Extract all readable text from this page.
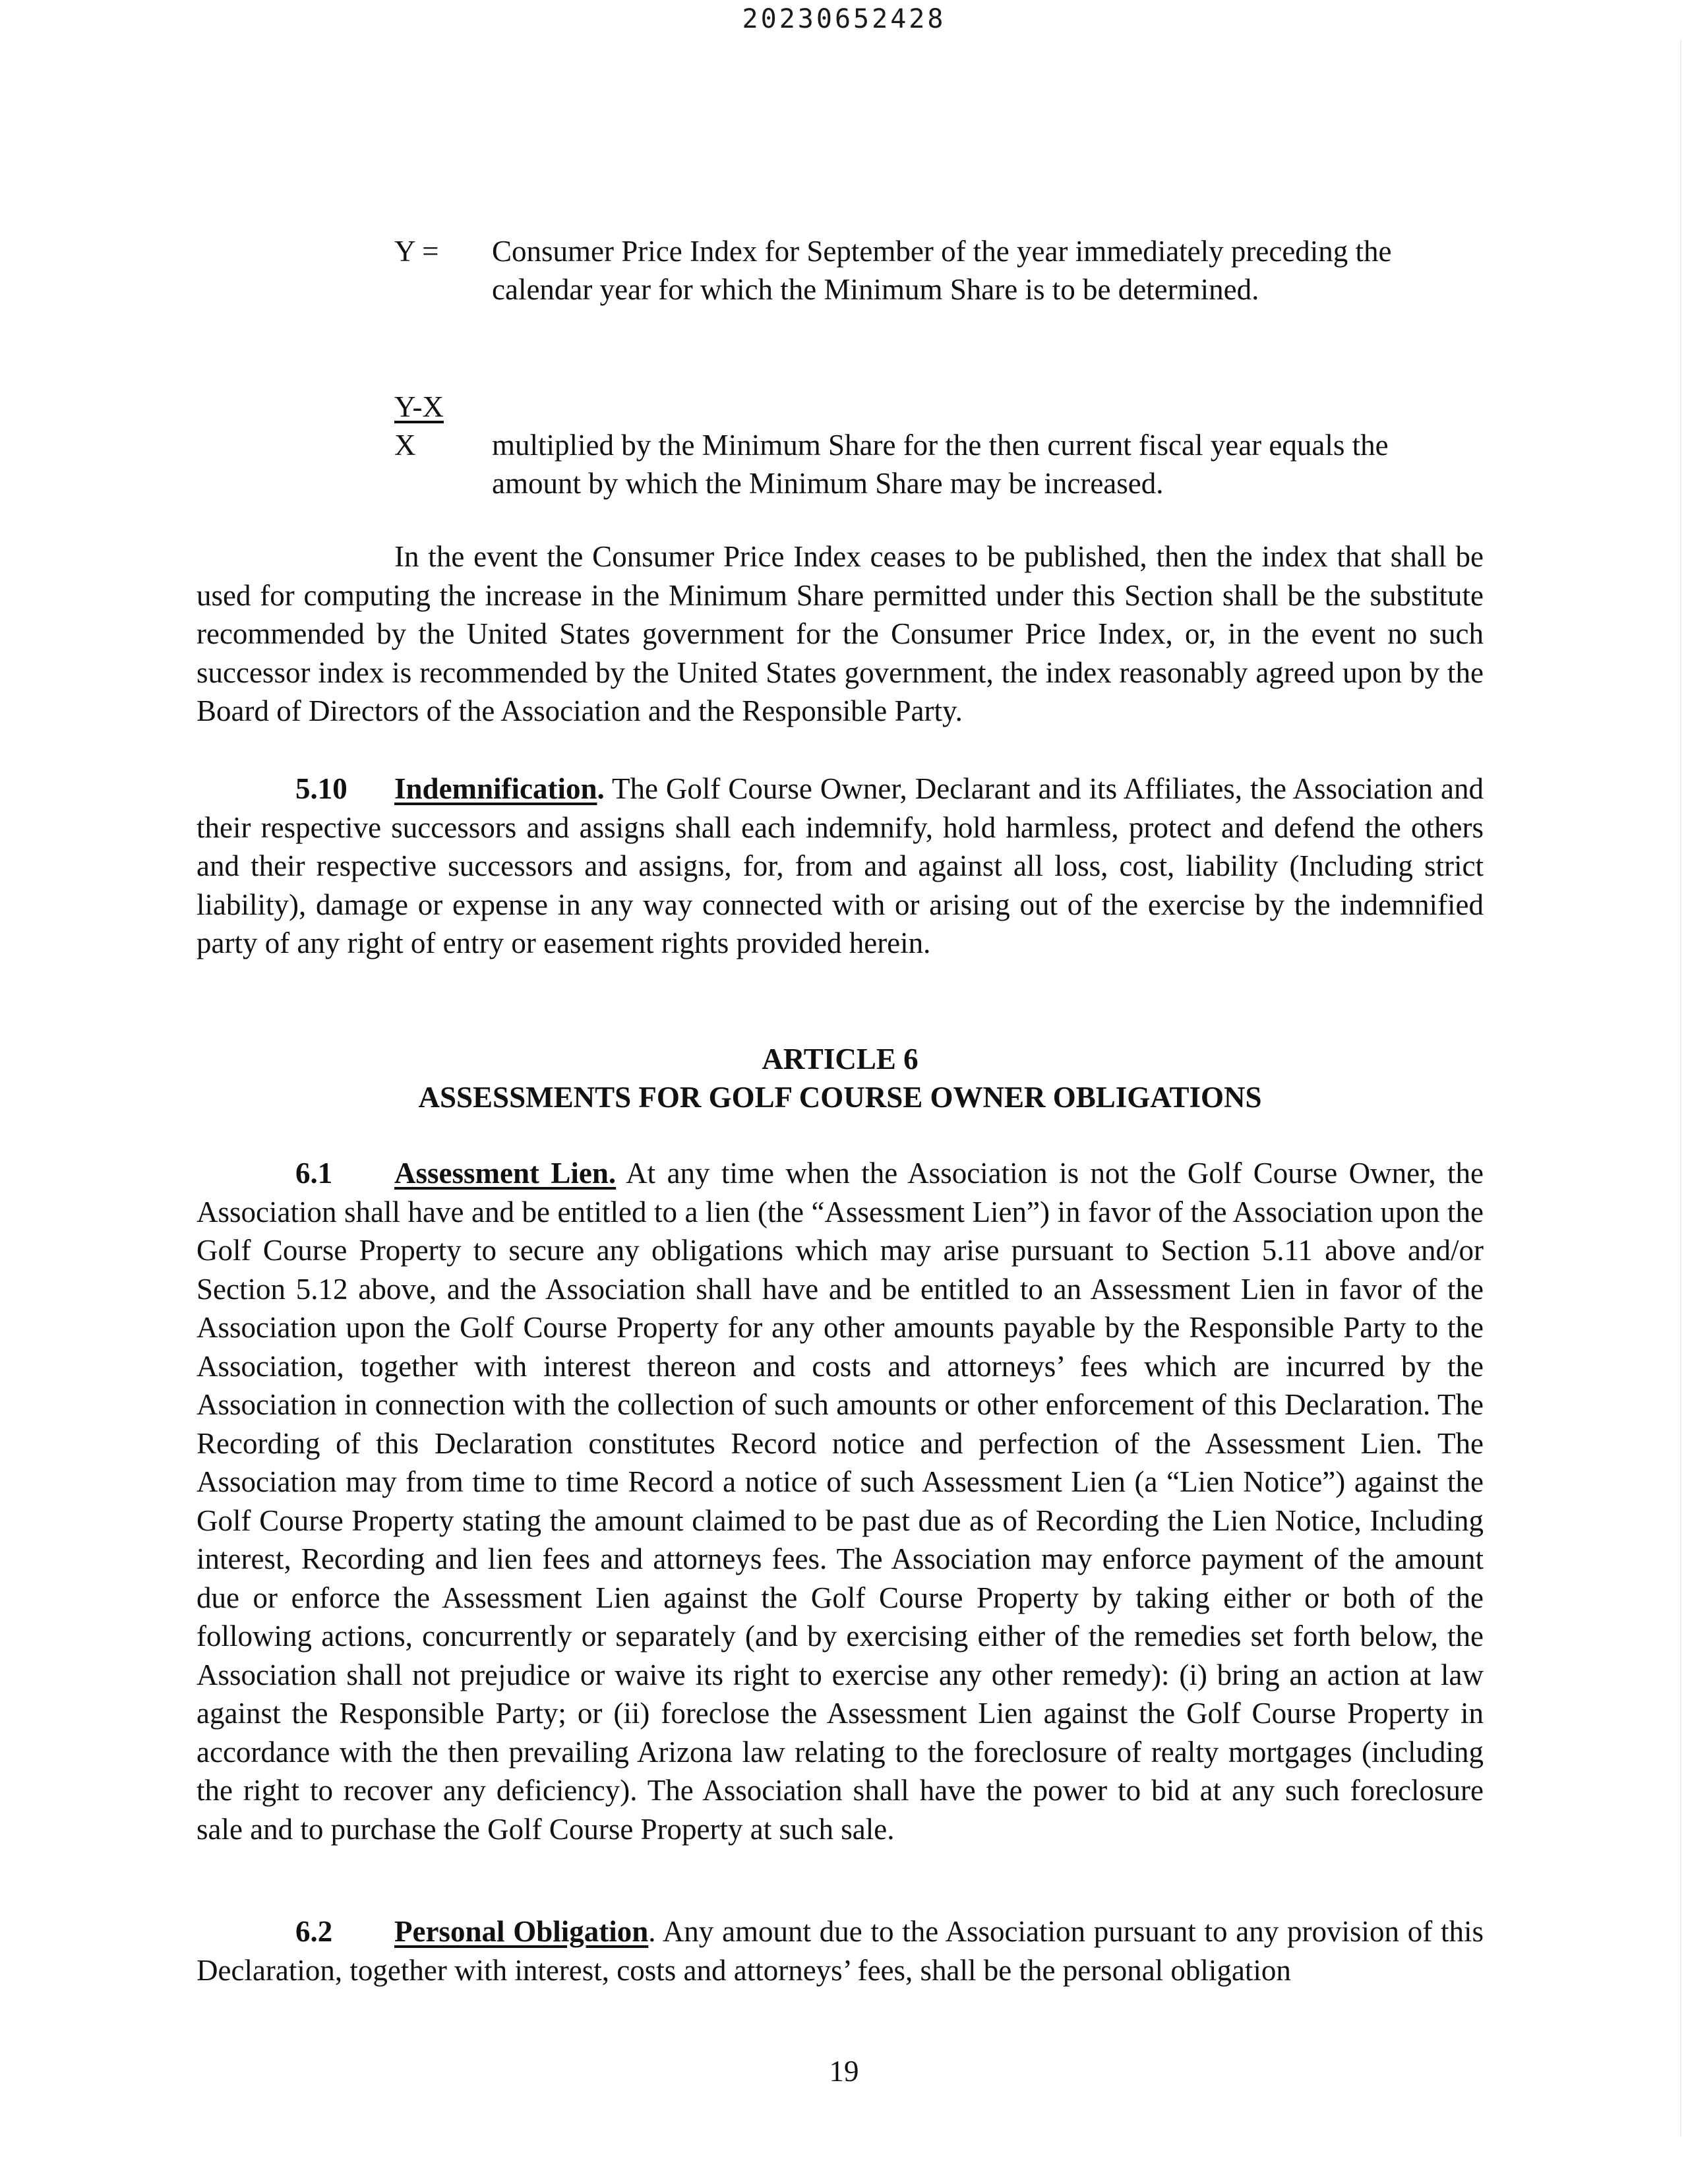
20230652428
Y = Consumer Price Index for September of the year immediately preceding the calendar year for which the Minimum Share is to be determined.
Y-X
X	multiplied by the Minimum Share for the then current fiscal year equals the amount by which the Minimum Share may be increased.
In the event the Consumer Price Index ceases to be published, then the index that shall be used for computing the increase in the Minimum Share permitted under this Section shall be the substitute recommended by the United States government for the Consumer Price Index, or, in the event no such successor index is recommended by the United States government, the index reasonably agreed upon by the Board of Directors of the Association and the Responsible Party.
5.10 Indemnification. The Golf Course Owner, Declarant and its Affiliates, the Association and their respective successors and assigns shall each indemnify, hold harmless, protect and defend the others and their respective successors and assigns, for, from and against all loss, cost, liability (Including strict liability), damage or expense in any way connected with or arising out of the exercise by the indemnified party of any right of entry or easement rights provided herein.
ARTICLE 6
ASSESSMENTS FOR GOLF COURSE OWNER OBLIGATIONS
6.1 Assessment Lien. At any time when the Association is not the Golf Course Owner, the Association shall have and be entitled to a lien (the “Assessment Lien”) in favor of the Association upon the Golf Course Property to secure any obligations which may arise pursuant to Section 5.11 above and/or Section 5.12 above, and the Association shall have and be entitled to an Assessment Lien in favor of the Association upon the Golf Course Property for any other amounts payable by the Responsible Party to the Association, together with interest thereon and costs and attorneys’ fees which are incurred by the Association in connection with the collection of such amounts or other enforcement of this Declaration. The Recording of this Declaration constitutes Record notice and perfection of the Assessment Lien. The Association may from time to time Record a notice of such Assessment Lien (a “Lien Notice”) against the Golf Course Property stating the amount claimed to be past due as of Recording the Lien Notice, Including interest, Recording and lien fees and attorneys fees. The Association may enforce payment of the amount due or enforce the Assessment Lien against the Golf Course Property by taking either or both of the following actions, concurrently or separately (and by exercising either of the remedies set forth below, the Association shall not prejudice or waive its right to exercise any other remedy): (i) bring an action at law against the Responsible Party; or (ii) foreclose the Assessment Lien against the Golf Course Property in accordance with the then prevailing Arizona law relating to the foreclosure of realty mortgages (including the right to recover any deficiency). The Association shall have the power to bid at any such foreclosure sale and to purchase the Golf Course Property at such sale.
6.2 Personal Obligation. Any amount due to the Association pursuant to any provision of this Declaration, together with interest, costs and attorneys’ fees, shall be the personal obligation
19
